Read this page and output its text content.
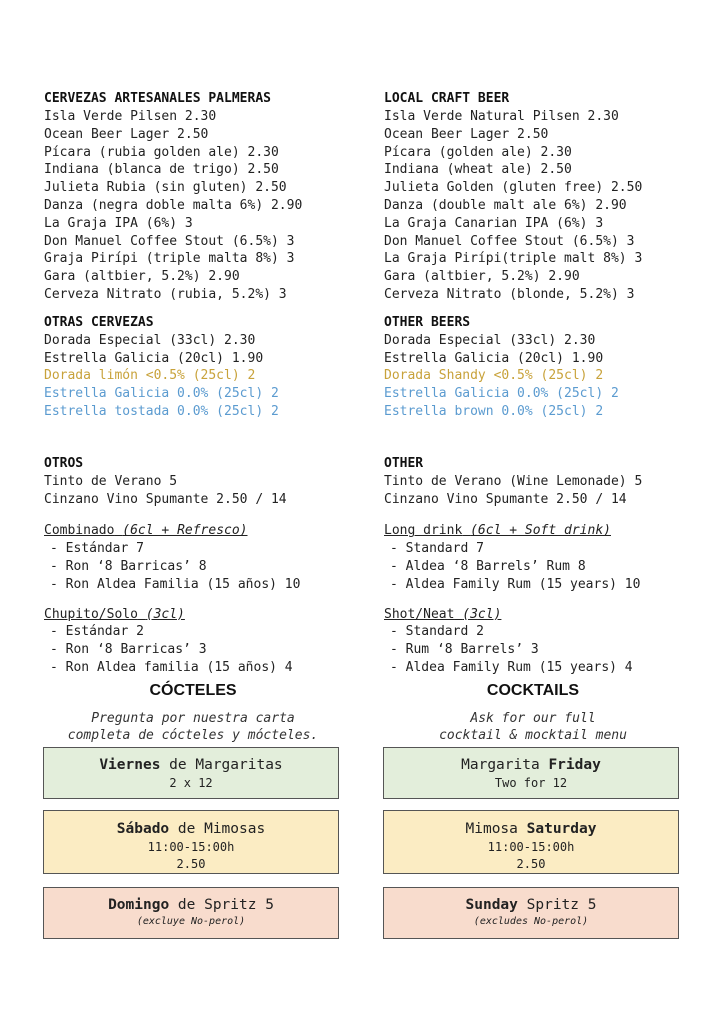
CERVEZAS ARTESANALES PALMERAS
Isla Verde Pilsen 2.30
Ocean Beer Lager 2.50
Pícara (rubia golden ale) 2.30
Indiana (blanca de trigo) 2.50
Julieta Rubia (sin gluten) 2.50
Danza (negra doble malta 6%) 2.90
La Graja IPA (6%) 3
Don Manuel Coffee Stout (6.5%) 3
Graja Pirípi (triple malta 8%) 3
Gara (altbier, 5.2%) 2.90
Cerveza Nitrato (rubia, 5.2%) 3
OTRAS CERVEZAS
Dorada Especial (33cl) 2.30
Estrella Galicia (20cl) 1.90
Dorada limón <0.5% (25cl) 2
Estrella Galicia 0.0% (25cl) 2
Estrella tostada 0.0% (25cl) 2
OTROS
Tinto de Verano 5
Cinzano Vino Spumante 2.50 / 14
Combinado (6cl + Refresco)
- Estándar 7
- Ron ‘8 Barricas’ 8
- Ron Aldea Familia (15 años) 10
Chupito/Solo (3cl)
- Estándar 2
- Ron ‘8 Barricas’ 3
- Ron Aldea familia (15 años) 4
LOCAL CRAFT BEER
Isla Verde Natural Pilsen 2.30
Ocean Beer Lager 2.50
Pícara (golden ale) 2.30
Indiana (wheat ale) 2.50
Julieta Golden (gluten free) 2.50
Danza (double malt ale 6%) 2.90
La Graja Canarian IPA (6%) 3
Don Manuel Coffee Stout (6.5%) 3
La Graja Pirípi(triple malt 8%) 3
Gara (altbier, 5.2%) 2.90
Cerveza Nitrato (blonde, 5.2%) 3
OTHER BEERS
Dorada Especial (33cl) 2.30
Estrella Galicia (20cl) 1.90
Dorada Shandy <0.5% (25cl) 2
Estrella Galicia 0.0% (25cl) 2
Estrella brown 0.0% (25cl) 2
OTHER
Tinto de Verano (Wine Lemonade) 5
Cinzano Vino Spumante 2.50 / 14
Long drink (6cl + Soft drink)
- Standard 7
- Aldea ‘8 Barrels’ Rum 8
- Aldea Family Rum (15 years) 10
Shot/Neat (3cl)
- Standard 2
- Rum ‘8 Barrels’ 3
- Aldea Family Rum (15 years) 4
CÓCTELES
Pregunta por nuestra carta
completa de cócteles y mócteles.
Viernes de Margaritas
2 x 12
Sábado de Mimosas
11:00-15:00h
2.50
Domingo de Spritz 5
(excluye No-perol)
COCKTAILS
Ask for our full
cocktail & mocktail menu
Margarita Friday
Two for 12
Mimosa Saturday
11:00-15:00h
2.50
Sunday Spritz 5
(excludes No-perol)
